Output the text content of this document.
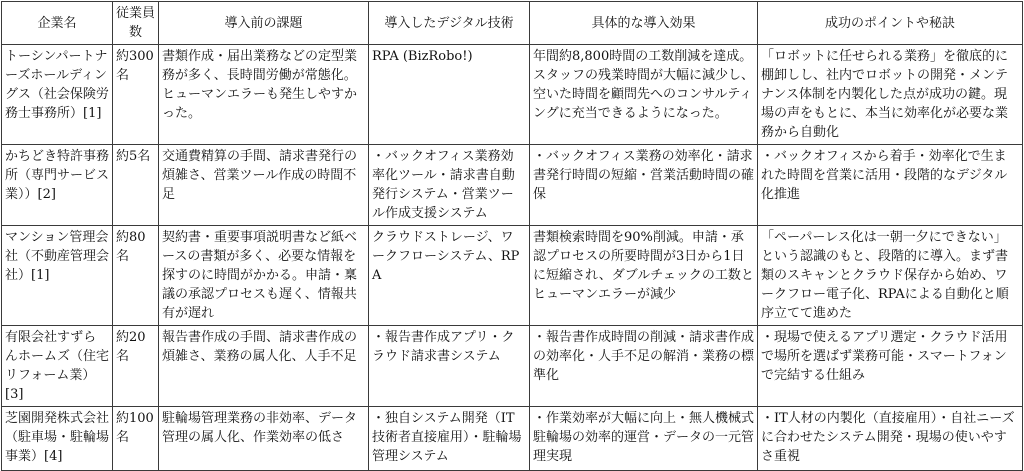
企業名	従業員数	導入前の課題	導入したデジタル技術	具体的な導入効果	成功のポイントや秘訣
トーシンパートナーズホールディングス（社会保険労務士事務所）[1]	約300名	書類作成・届出業務などの定型業務が多く、長時間労働が常態化。ヒューマンエラーも発生しやすかった。	RPA (BizRobo!)	年間約8,800時間の工数削減を達成。スタッフの残業時間が大幅に減少し、空いた時間を顧問先へのコンサルティングに充当できるようになった。	「ロボットに任せられる業務」を徹底的に棚卸しし、社内でロボットの開発・メンテナンス体制を内製化した点が成功の鍵。現場の声をもとに、本当に効率化が必要な業務から自動化
かちどき特許事務所（専門サービス業））[2]	約5名	交通費精算の手間、請求書発行の煩雑さ、営業ツール作成の時間不足	・バックオフィス業務効率化ツール・請求書自動発行システム・営業ツール作成支援システム	・バックオフィス業務の効率化・請求書発行時間の短縮・営業活動時間の確保	・バックオフィスから着手・効率化で生まれた時間を営業に活用・段階的なデジタル化推進
マンション管理会社（不動産管理会社）[1]	約80名	契約書・重要事項説明書など紙ベースの書類が多く、必要な情報を探すのに時間がかかる。申請・稟議の承認プロセスも遅く、情報共有が遅れ	クラウドストレージ、ワークフローシステム、RPA	書類検索時間を90%削減。申請・承認プロセスの所要時間が3日から1日に短縮され、ダブルチェックの工数とヒューマンエラーが減少	「ペーパーレス化は一朝一夕にできない」という認識のもと、段階的に導入。まず書類のスキャンとクラウド保存から始め、ワークフロー電子化、RPAによる自動化と順序立てて進めた
有限会社すずらんホームズ（住宅リフォーム業）[3]	約20名	報告書作成の手間、請求書作成の煩雑さ、業務の属人化、人手不足	・報告書作成アプリ・クラウド請求書システム	・報告書作成時間の削減・請求書作成の効率化・人手不足の解消・業務の標準化	・現場で使えるアプリ選定・クラウド活用で場所を選ばず業務可能・スマートフォンで完結する仕組み
芝園開発株式会社（駐車場・駐輪場事業）[4]	約100名	駐輪場管理業務の非効率、データ管理の属人化、作業効率の低さ	・独自システム開発（IT技術者直接雇用）・駐輪場管理システム	・作業効率が大幅に向上・無人機械式駐輪場の効率的運営・データの一元管理実現	・IT人材の内製化（直接雇用）・自社ニーズに合わせたシステム開発・現場の使いやすさ重視
